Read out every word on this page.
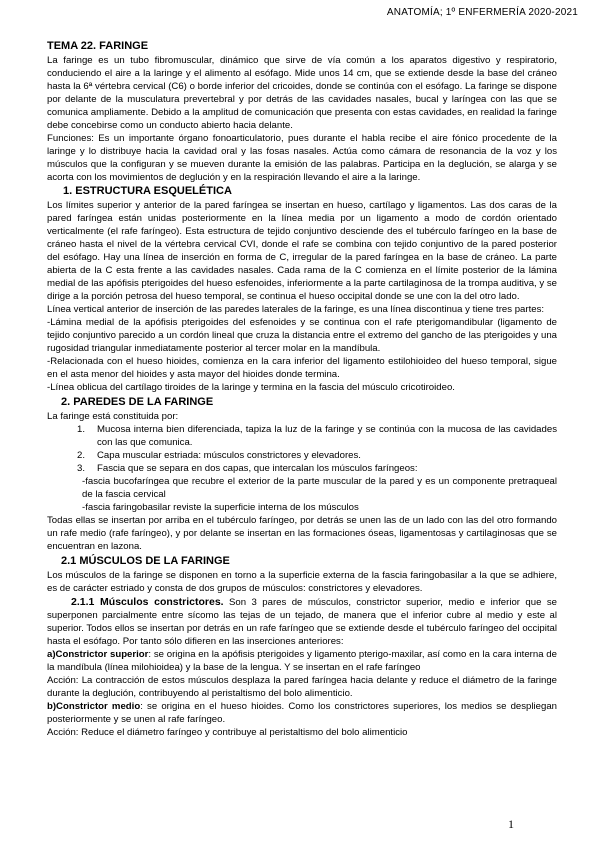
ANATOMÍA; 1º ENFERMERÍA 2020-2021
TEMA 22. FARINGE

La faringe es un tubo fibromuscular, dinámico que sirve de vía común a los aparatos digestivo y respiratorio, conduciendo el aire a la laringe y el alimento al esófago. Mide unos 14 cm, que se extiende desde la base del cráneo hasta la 6ª vértebra cervical (C6) o borde inferior del cricoides, donde se continúa con el esófago. La faringe se dispone por delante de la musculatura prevertebral y por detrás de las cavidades nasales, bucal y laríngea con las que se comunica ampliamente. Debido a la amplitud de comunicación que presenta con estas cavidades, en realidad la faringe debe concebirse como un conducto abierto hacia delante.

Funciones: Es un importante órgano fonoarticulatorio, pues durante el habla recibe el aire fónico procedente de la laringe y lo distribuye hacia la cavidad oral y las fosas nasales. Actúa como cámara de resonancia de la voz y los músculos que la configuran y se mueven durante la emisión de las palabras. Participa en la deglución, se alarga y se acorta con los movimientos de deglución y en la respiración llevando el aire a la laringe.

1. ESTRUCTURA ESQUELÉTICA

Los límites superior y anterior de la pared faríngea se insertan en hueso, cartílago y ligamentos. Las dos caras de la pared faríngea están unidas posteriormente en la línea media por un ligamento a modo de cordón orientado verticalmente (el rafe faríngeo). Esta estructura de tejido conjuntivo desciende des el tubérculo faríngeo en la base de cráneo hasta el nivel de la vértebra cervical CVI, donde el rafe se combina con tejido conjuntivo de la pared posterior del esófago. Hay una línea de inserción en forma de C, irregular de la pared faríngea en la base de cráneo. La parte abierta de la C esta frente a las cavidades nasales. Cada rama de la C comienza en el límite posterior de la lámina medial de las apófisis pterigoides del hueso esfenoides, inferiormente a la parte cartilaginosa de la trompa auditiva, y se dirige a la porción petrosa del hueso temporal, se continua el hueso occipital donde se une con la del otro lado.

Línea vertical anterior de inserción de las paredes laterales de la faringe, es una línea discontinua y tiene tres partes:

-Lámina medial de la apófisis pterigoides del esfenoides y se continua con el rafe pterigomandibular (ligamento de tejido conjuntivo parecido a un cordón lineal que cruza la distancia entre el extremo del gancho de las pterigoides y una rugosidad triangular inmediatamente posterior al tercer molar en la mandíbula.

-Relacionada con el hueso hioides, comienza en la cara inferior del ligamento estilohioideo del hueso temporal, sigue en el asta menor del hioides y asta mayor del hioides donde termina.

-Línea oblicua del cartílago tiroides de la laringe y termina en la fascia del músculo cricotiroideo.

2. PAREDES DE LA FARINGE

La faringe está constituida por:

1.	Mucosa interna bien diferenciada, tapiza la luz de la faringe y se continúa con la mucosa de las cavidades con las que comunica.
2.	Capa muscular estriada: músculos constrictores y elevadores.
3.	Fascia que se separa en dos capas, que intercalan los músculos faríngeos:

-fascia bucofaríngea que recubre el exterior de la parte muscular de la pared y es un componente pretraqueal de la fascia cervical

-fascia faringobasilar reviste la superficie interna de los músculos

Todas ellas se insertan por arriba en el tubérculo faríngeo, por detrás se unen las de un lado con las del otro formando un rafe medio (rafe faríngeo), y por delante se insertan en las formaciones óseas, ligamentosas y cartilaginosas que se encuentran en lazona.

2.1 MÚSCULOS DE LA FARINGE

Los músculos de la faringe se disponen en torno a la superficie externa de la fascia faringobasilar a la que se adhiere, es de carácter estriado y consta de dos grupos de músculos: constrictores y elevadores.

2.1.1 Músculos constrictores. Son 3 pares de músculos, constrictor superior, medio e inferior que se superponen parcialmente entre sícomo las tejas de un tejado, de manera que el inferior cubre al medio y este al superior. Todos ellos se insertan por detrás en un rafe faríngeo que se extiende desde el tubérculo faríngeo del occipital hasta el esófago. Por tanto sólo difieren en las inserciones anteriores:

a)Constrictor superior: se origina en la apófisis pterigoides y ligamento pterigo-maxilar, así como en la cara interna de la mandíbula (línea milohioidea) y la base de la lengua. Y se insertan en el rafe faríngeo

Acción: La contracción de estos músculos desplaza la pared faríngea hacia delante y reduce el diámetro de la faringe durante la deglución, contribuyendo al peristaltismo del bolo alimenticio.

b)Constrictor medio: se origina en el hueso hioides. Como los constrictores superiores, los medios se despliegan posteriormente y se unen al rafe faríngeo.

Acción: Reduce el diámetro faríngeo y contribuye al peristaltismo del bolo alimenticio

1
